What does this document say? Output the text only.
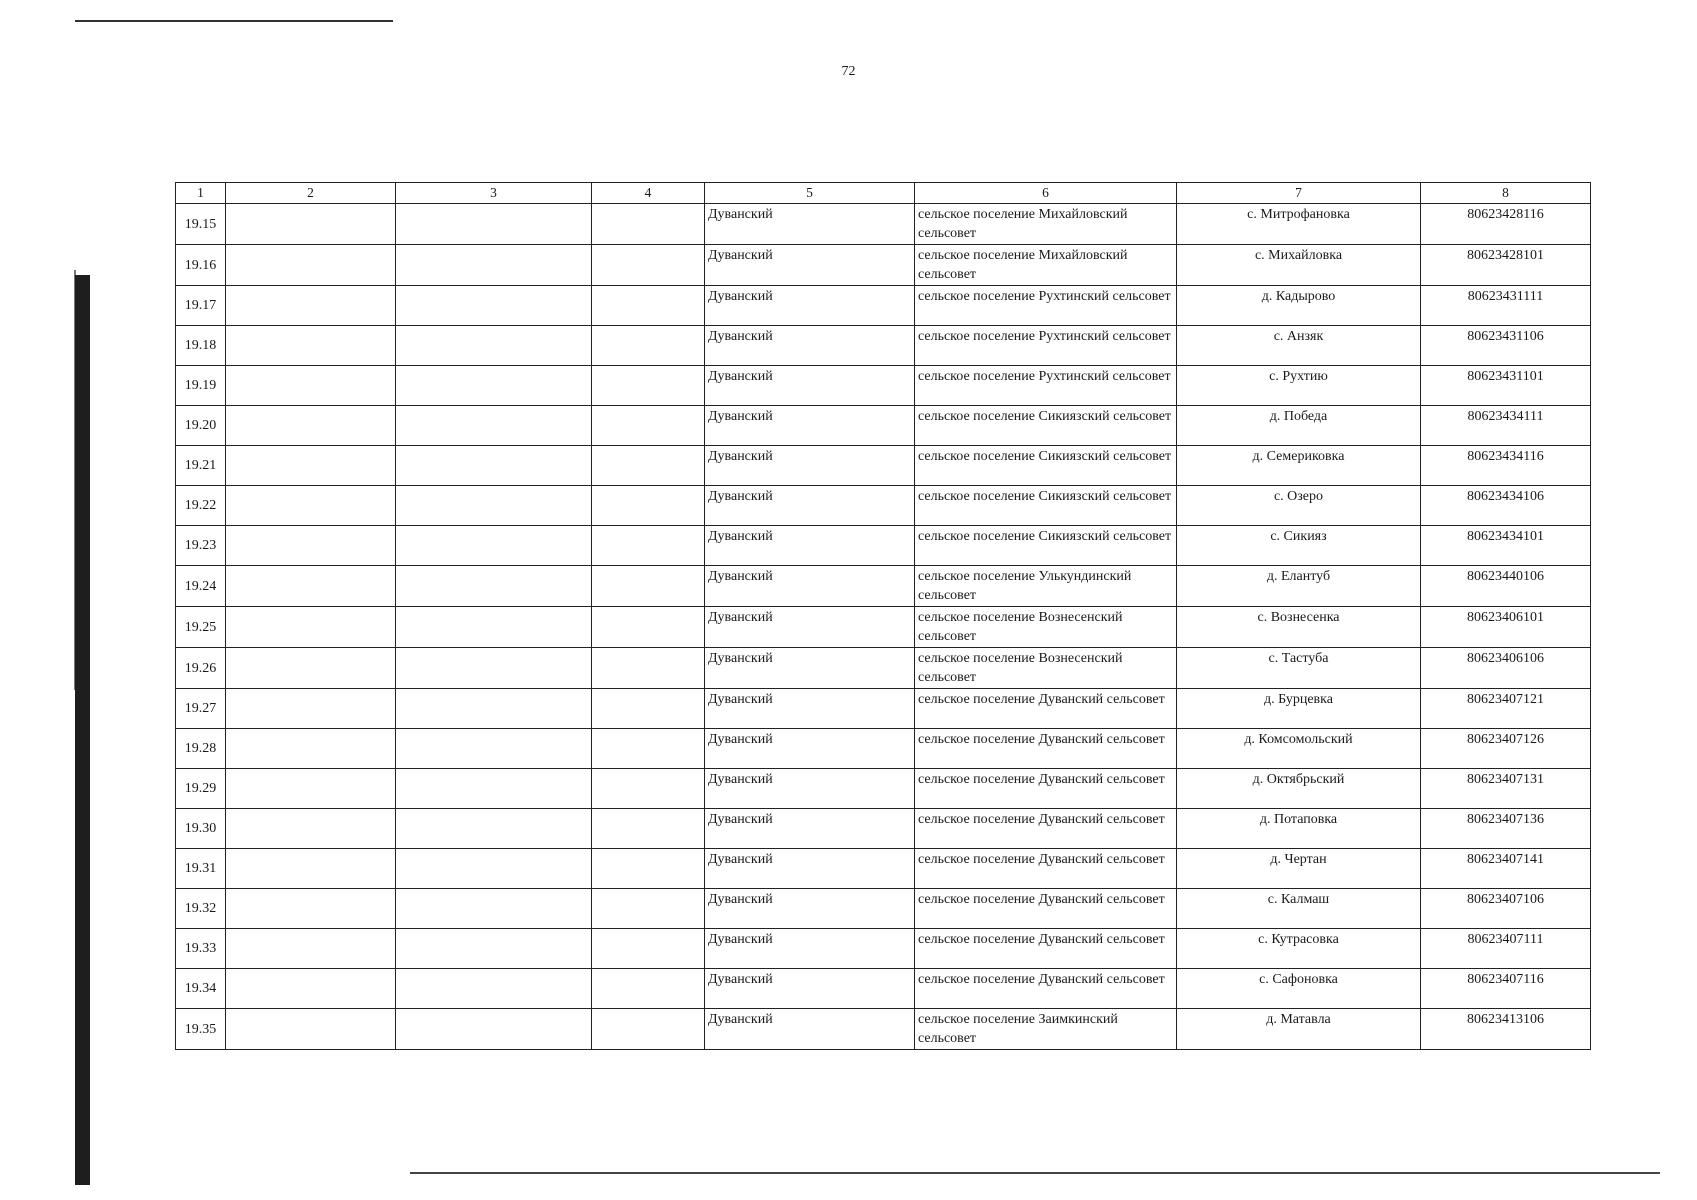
72
1	2	3	4	5	6	7	8
19.15				Дуванский	сельское поселение Михайловский сельсовет	с. Митрофановка	80623428116
19.16				Дуванский	сельское поселение Михайловский сельсовет	с. Михайловка	80623428101
19.17				Дуванский	сельское поселение Рухтинский сельсовет	д. Кадырово	80623431111
19.18				Дуванский	сельское поселение Рухтинский сельсовет	с. Анзяк	80623431106
19.19				Дуванский	сельское поселение Рухтинский сельсовет	с. Рухтию	80623431101
19.20				Дуванский	сельское поселение Сикиязский сельсовет	д. Победа	80623434111
19.21				Дуванский	сельское поселение Сикиязский сельсовет	д. Семериковка	80623434116
19.22				Дуванский	сельское поселение Сикиязский сельсовет	с. Озеро	80623434106
19.23				Дуванский	сельское поселение Сикиязский сельсовет	с. Сикияз	80623434101
19.24				Дуванский	сельское поселение Улькундинский сельсовет	д. Елантуб	80623440106
19.25				Дуванский	сельское поселение Вознесенский сельсовет	с. Вознесенка	80623406101
19.26				Дуванский	сельское поселение Вознесенский сельсовет	с. Тастуба	80623406106
19.27				Дуванский	сельское поселение Дуванский сельсовет	д. Бурцевка	80623407121
19.28				Дуванский	сельское поселение Дуванский сельсовет	д. Комсомольский	80623407126
19.29				Дуванский	сельское поселение Дуванский сельсовет	д. Октябрьский	80623407131
19.30				Дуванский	сельское поселение Дуванский сельсовет	д. Потаповка	80623407136
19.31				Дуванский	сельское поселение Дуванский сельсовет	д. Чертан	80623407141
19.32				Дуванский	сельское поселение Дуванский сельсовет	с. Калмаш	80623407106
19.33				Дуванский	сельское поселение Дуванский сельсовет	с. Кутрасовка	80623407111
19.34				Дуванский	сельское поселение Дуванский сельсовет	с. Сафоновка	80623407116
19.35				Дуванский	сельское поселение Заимкинский сельсовет	д. Матавла	80623413106
